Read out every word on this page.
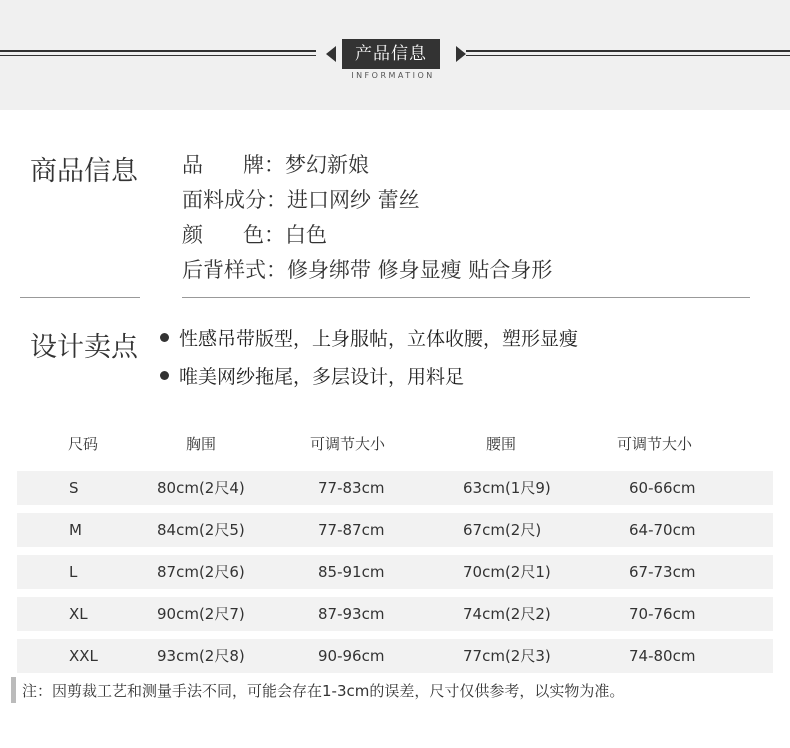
产品信息
INFORMATION
商品信息 品      牌：梦幻新娘
面料成分：进口网纱 蕾丝
颜      色：白色
后背样式：修身绑带 修身显瘦 贴合身形
设计卖点	性感吊带版型，上身服帖，立体收腰，塑形显瘦
唯美网纱拖尾，多层设计，用料足
尺码	胸围	可调节大小	腰围	可调节大小
S	80cm(2尺4)	77-83cm	63cm(1尺9)	60-66cm
M	84cm(2尺5)	77-87cm	67cm(2尺)	64-70cm
L	87cm(2尺6)	85-91cm	70cm(2尺1)	67-73cm
XL	90cm(2尺7)	87-93cm	74cm(2尺2)	70-76cm
XXL	93cm(2尺8)	90-96cm	77cm(2尺3)	74-80cm
注：因剪裁工艺和测量手法不同，可能会存在1-3cm的误差，尺寸仅供参考，以实物为准。
